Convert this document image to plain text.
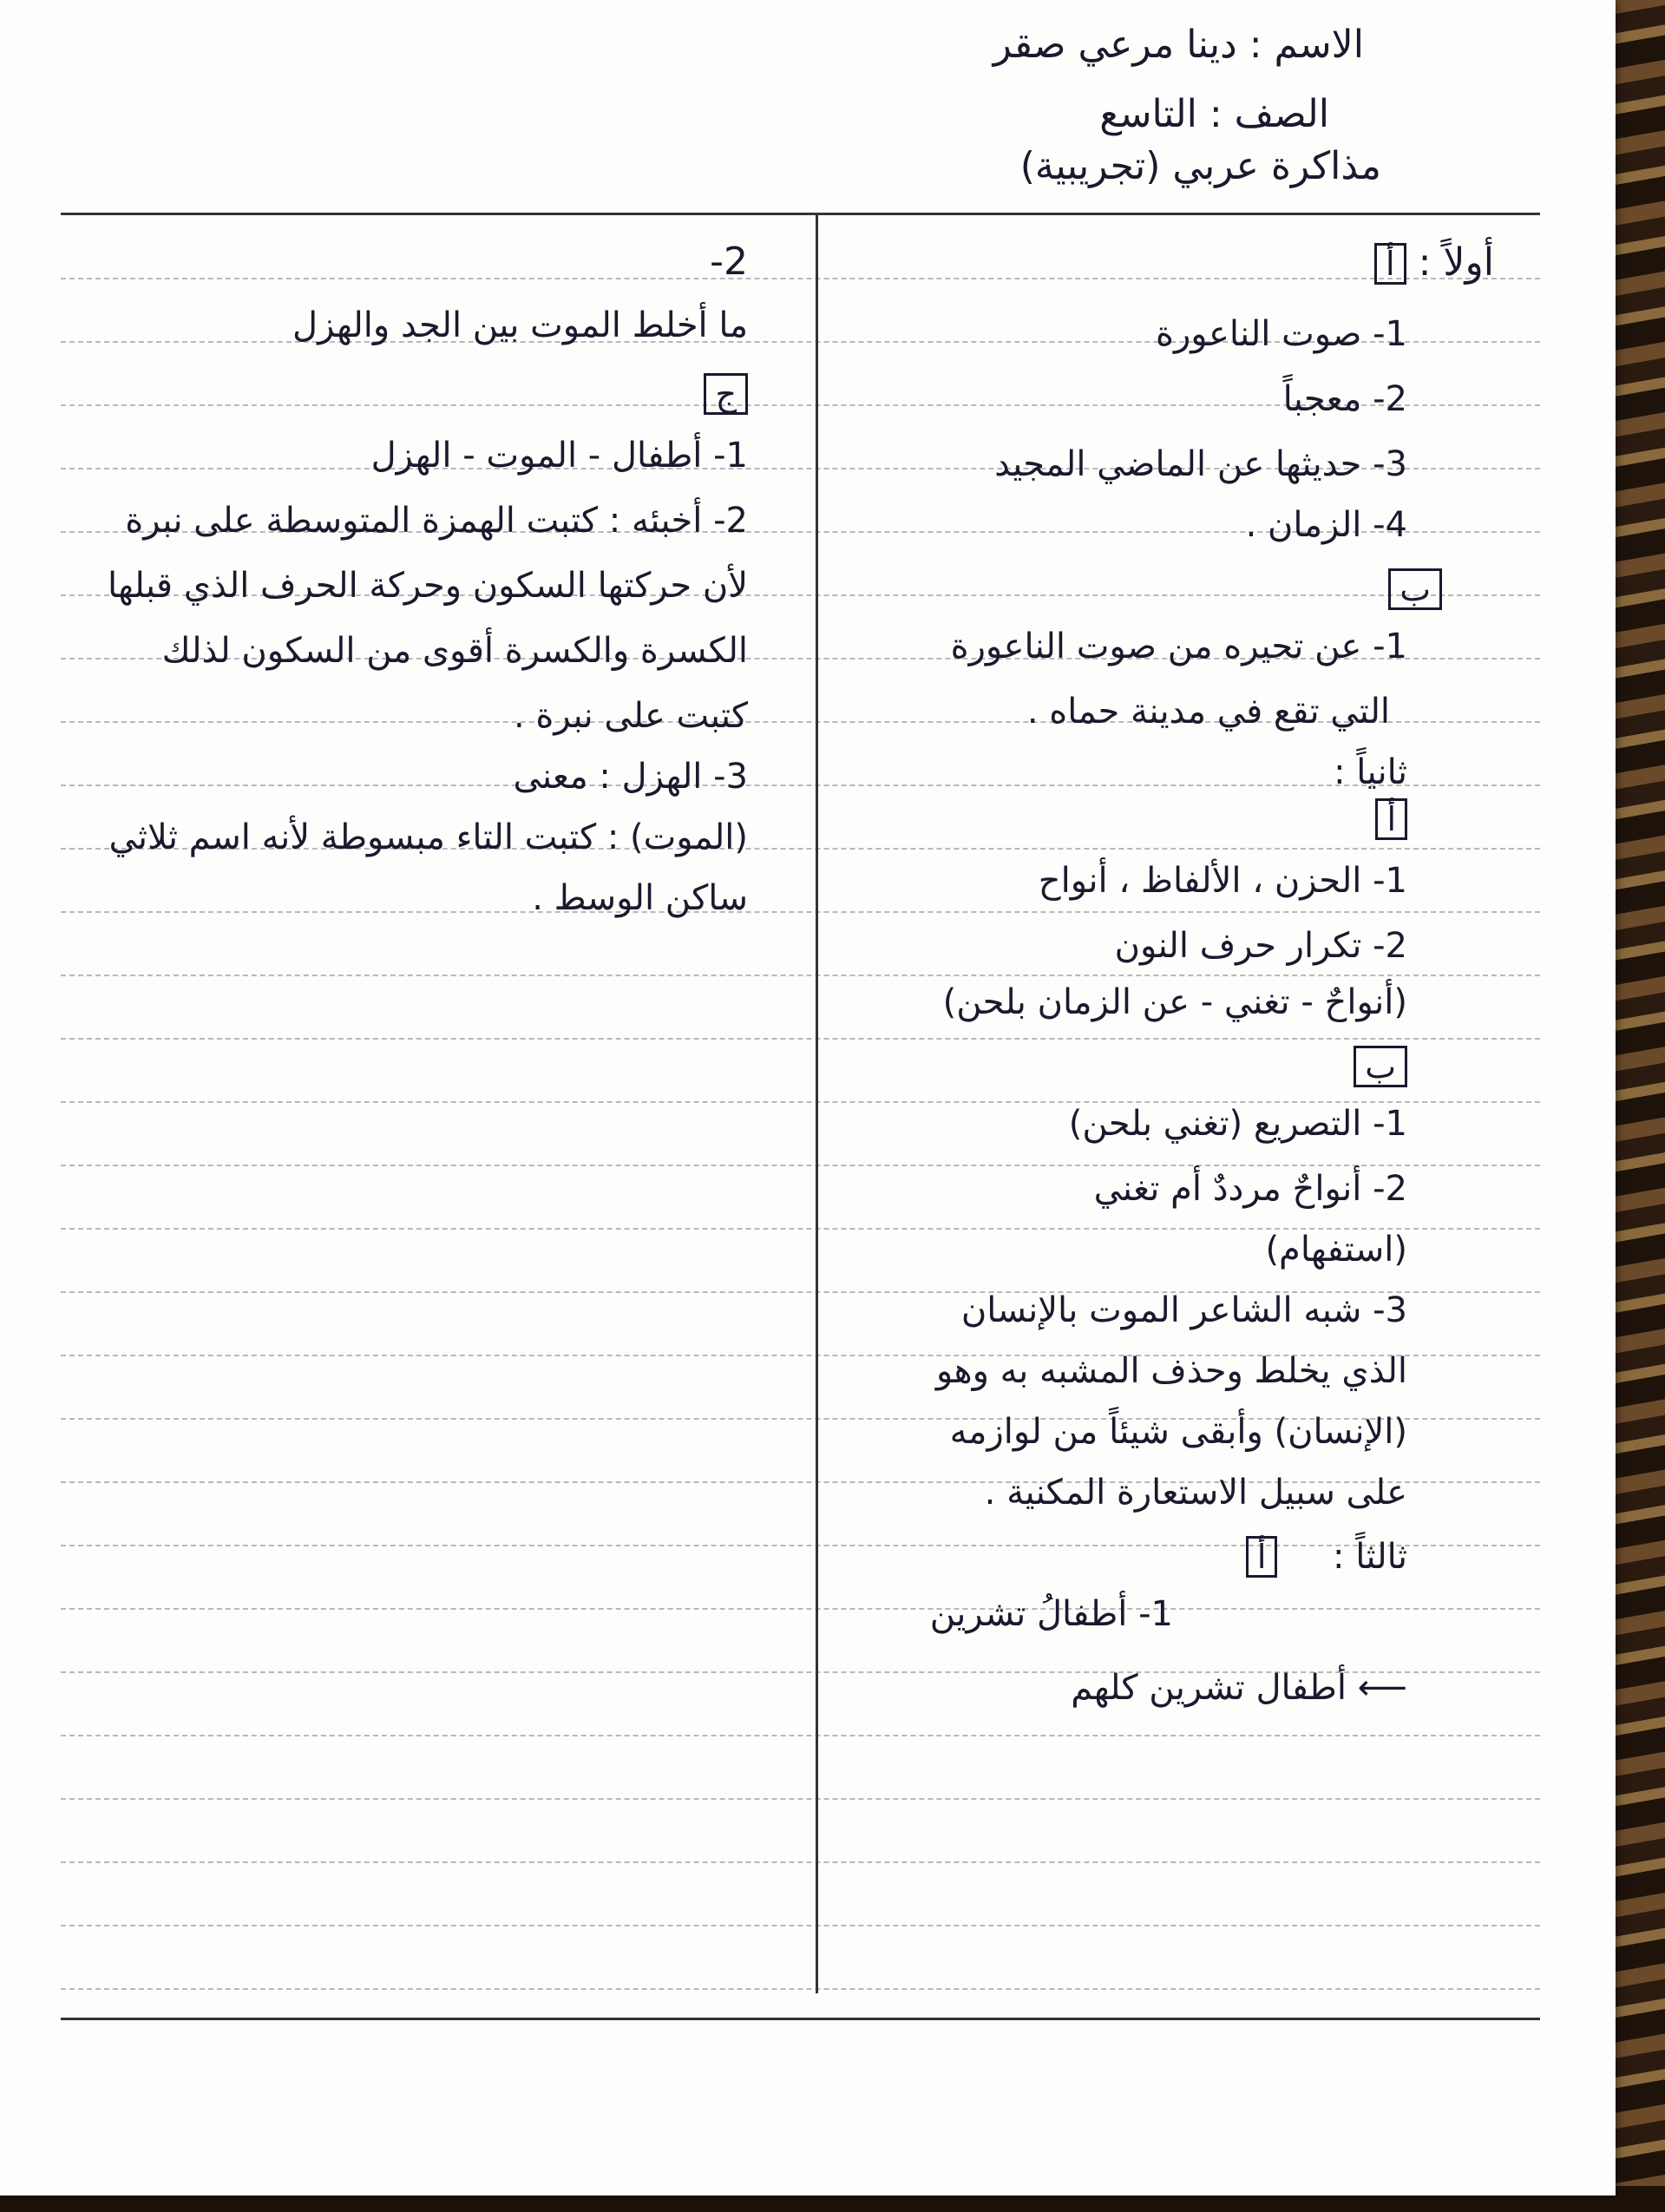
الاسم : دينا مرعي صقر
الصف : التاسع
مذاكرة عربي (تجريبية)
أولاً : أ
1- صوت الناعورة
2- معجباً
3- حديثها عن الماضي المجيد
4- الزمان .
ب
1- عن تحيره من صوت الناعورة
التي تقع في مدينة حماه .
ثانياً :
أ
1- الحزن ، الألفاظ ، أنواح
2- تكرار حرف النون
(أنواحٌ - تغني - عن الزمان بلحن)
ب
1- التصريع (تغني بلحن)
2- أنواحٌ مرددٌ أم تغني
(استفهام)
3- شبه الشاعر الموت بالإنسان
الذي يخلط وحذف المشبه به وهو
(الإنسان) وأبقى شيئاً من لوازمه
على سبيل الاستعارة المكنية .
ثالثاً :     أ
1- أطفالُ تشرين
⟵ أطفال تشرين كلهم
2-
ما أخلط الموت بين الجد والهزل
ج
1- أطفال - الموت - الهزل
2- أخبئه : كتبت الهمزة المتوسطة على نبرة
لأن حركتها السكون وحركة الحرف الذي قبلها
الكسرة والكسرة أقوى من السكون لذلك
كتبت على نبرة .
3- الهزل : معنى
(الموت) : كتبت التاء مبسوطة لأنه اسم ثلاثي
ساكن الوسط .
